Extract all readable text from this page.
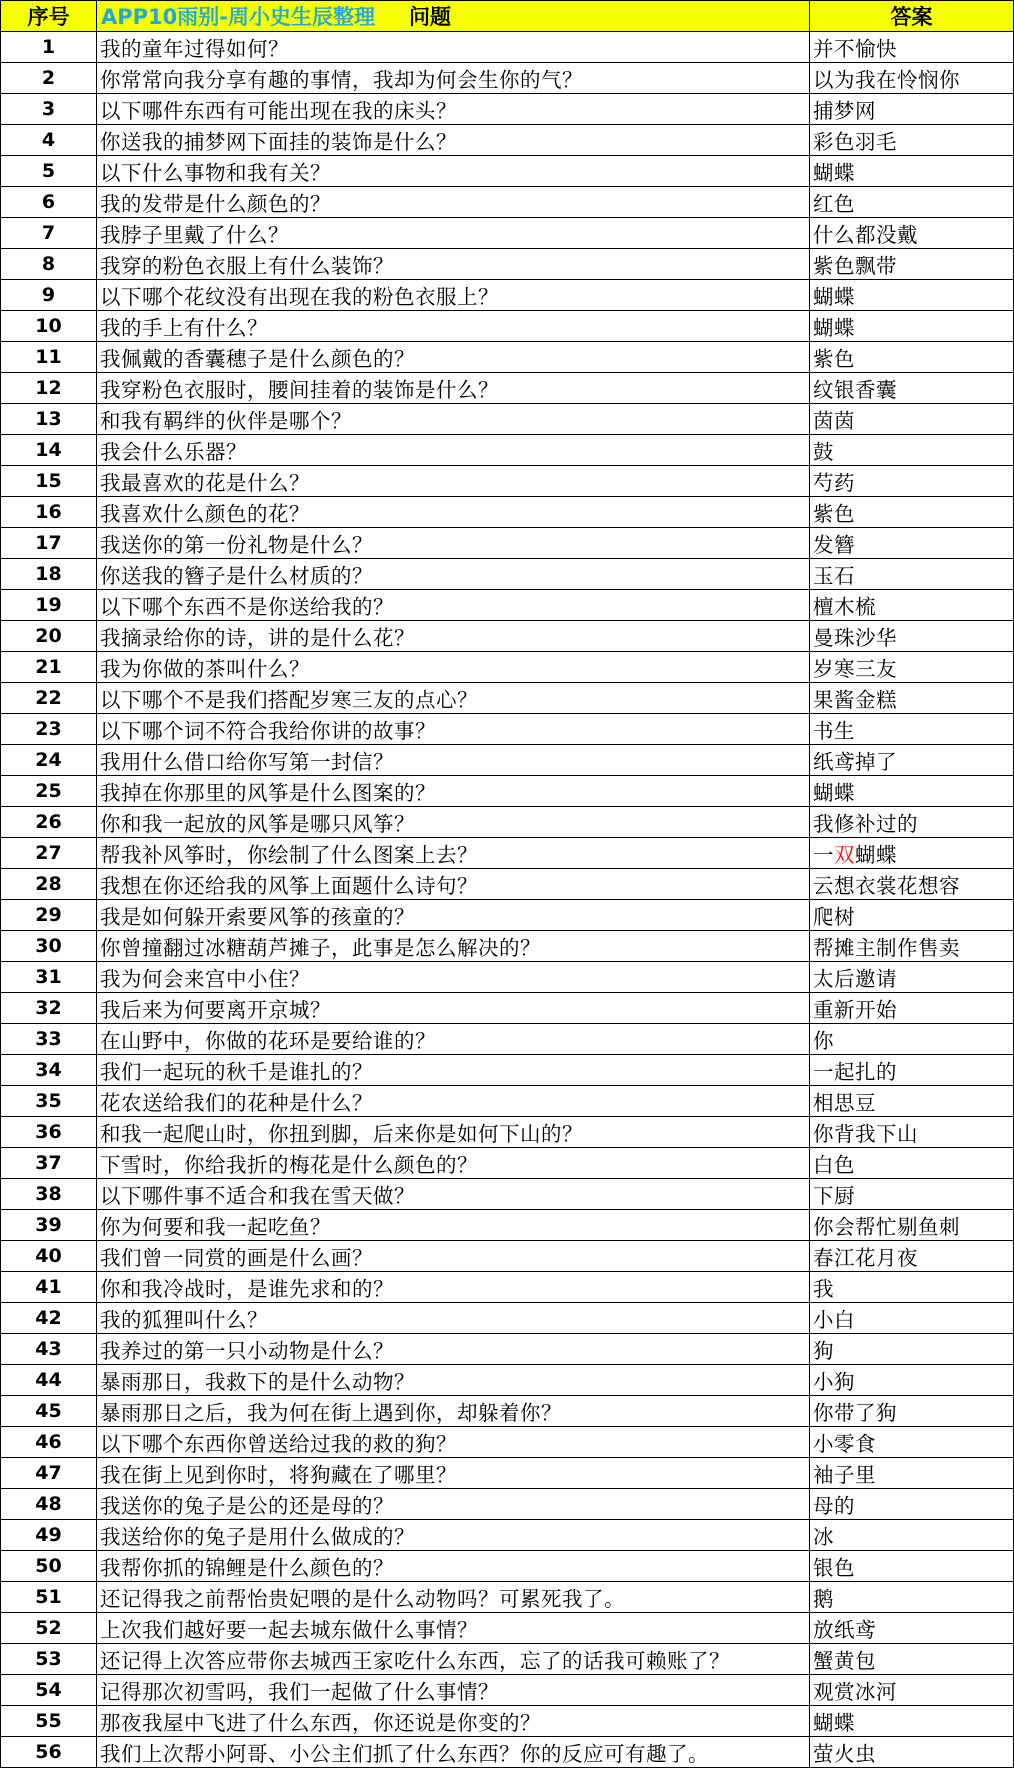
序号	APP10雨别-周小史生辰整理 问题	答案
1	我的童年过得如何？	并不愉快
2	你常常向我分享有趣的事情，我却为何会生你的气？	以为我在怜悯你
3	以下哪件东西有可能出现在我的床头？	捕梦网
4	你送我的捕梦网下面挂的装饰是什么？	彩色羽毛
5	以下什么事物和我有关？	蝴蝶
6	我的发带是什么颜色的？	红色
7	我脖子里戴了什么？	什么都没戴
8	我穿的粉色衣服上有什么装饰？	紫色飘带
9	以下哪个花纹没有出现在我的粉色衣服上？	蝴蝶
10	我的手上有什么？	蝴蝶
11	我佩戴的香囊穗子是什么颜色的？	紫色
12	我穿粉色衣服时，腰间挂着的装饰是什么？	纹银香囊
13	和我有羁绊的伙伴是哪个？	茵茵
14	我会什么乐器？	鼓
15	我最喜欢的花是什么？	芍药
16	我喜欢什么颜色的花？	紫色
17	我送你的第一份礼物是什么？	发簪
18	你送我的簪子是什么材质的？	玉石
19	以下哪个东西不是你送给我的？	檀木梳
20	我摘录给你的诗，讲的是什么花？	曼珠沙华
21	我为你做的茶叫什么？	岁寒三友
22	以下哪个不是我们搭配岁寒三友的点心？	果酱金糕
23	以下哪个词不符合我给你讲的故事？	书生
24	我用什么借口给你写第一封信？	纸鸢掉了
25	我掉在你那里的风筝是什么图案的？	蝴蝶
26	你和我一起放的风筝是哪只风筝？	我修补过的
27	帮我补风筝时，你绘制了什么图案上去？	一双蝴蝶
28	我想在你还给我的风筝上面题什么诗句？	云想衣裳花想容
29	我是如何躲开索要风筝的孩童的？	爬树
30	你曾撞翻过冰糖葫芦摊子，此事是怎么解决的？	帮摊主制作售卖
31	我为何会来宫中小住？	太后邀请
32	我后来为何要离开京城？	重新开始
33	在山野中，你做的花环是要给谁的？	你
34	我们一起玩的秋千是谁扎的？	一起扎的
35	花农送给我们的花种是什么？	相思豆
36	和我一起爬山时，你扭到脚，后来你是如何下山的？	你背我下山
37	下雪时，你给我折的梅花是什么颜色的？	白色
38	以下哪件事不适合和我在雪天做？	下厨
39	你为何要和我一起吃鱼？	你会帮忙剔鱼刺
40	我们曾一同赏的画是什么画？	春江花月夜
41	你和我冷战时，是谁先求和的？	我
42	我的狐狸叫什么？	小白
43	我养过的第一只小动物是什么？	狗
44	暴雨那日，我救下的是什么动物？	小狗
45	暴雨那日之后，我为何在街上遇到你，却躲着你？	你带了狗
46	以下哪个东西你曾送给过我的救的狗？	小零食
47	我在街上见到你时，将狗藏在了哪里？	袖子里
48	我送你的兔子是公的还是母的？	母的
49	我送给你的兔子是用什么做成的？	冰
50	我帮你抓的锦鲤是什么颜色的？	银色
51	还记得我之前帮怡贵妃喂的是什么动物吗？可累死我了。	鹅
52	上次我们越好要一起去城东做什么事情？	放纸鸢
53	还记得上次答应带你去城西王家吃什么东西，忘了的话我可赖账了？	蟹黄包
54	记得那次初雪吗，我们一起做了什么事情？	观赏冰河
55	那夜我屋中飞进了什么东西，你还说是你变的？	蝴蝶
56	我们上次帮小阿哥、小公主们抓了什么东西？你的反应可有趣了。	萤火虫
